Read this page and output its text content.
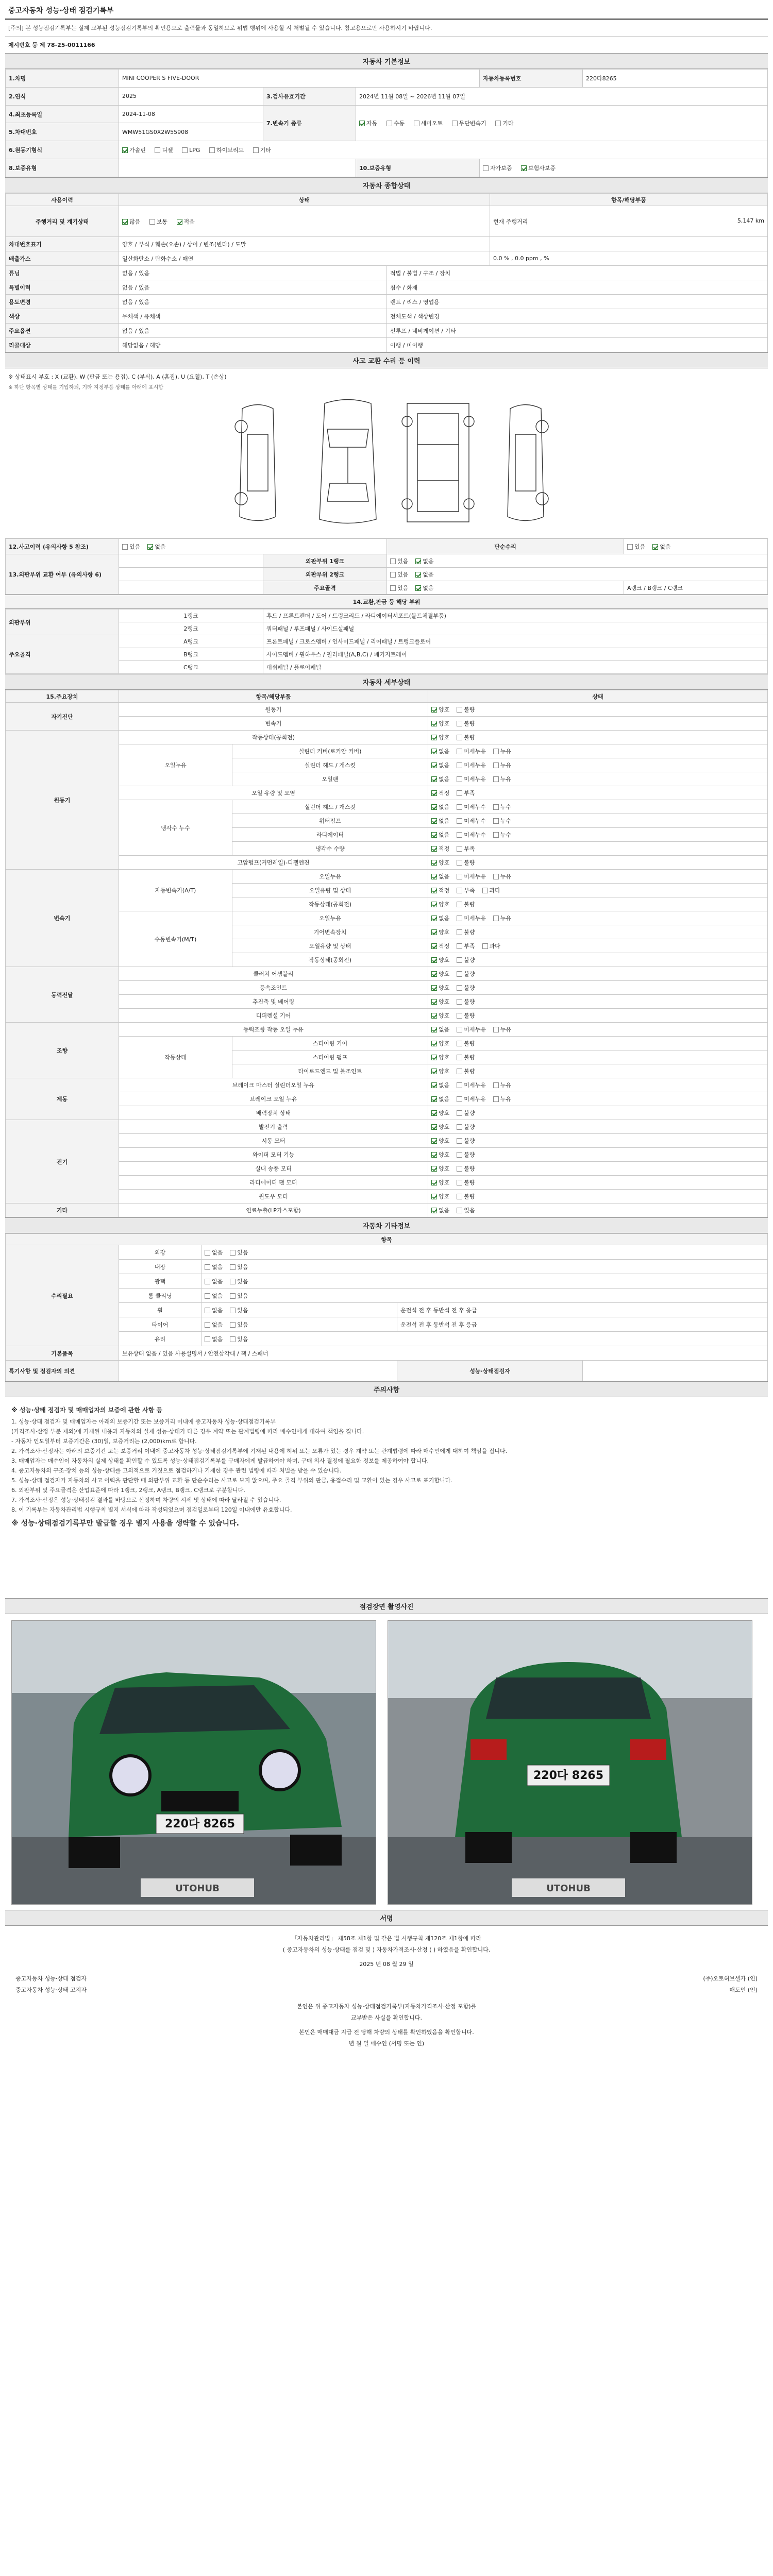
중고자동차 성능·상태 점검기록부
[주의] 본 성능점검기록부는 실제 교부된 성능점검기록부의 확인용으로 출력물과 동일하므로 위법 행위에 사용할 시 처벌될 수 있습니다. 참고용으로만 사용하시기 바랍니다.
제시번호 등 제 78-25-0011166
자동차 기본정보
1.차명	MINI COOPER S FIVE-DOOR			자동차등록번호	220다8265
2.연식	2025	3.검사유효기간	2024년 11월 08일 ~ 2026년 11월 07일		
4.최초등록일	2024-11-08	7.변속기 종류	자동 수동 세미오토 무단변속기 기타		
5.차대번호	WMW51GS0X2W55908				
6.원동기형식	가솔린 디젤 LPG 하이브리드 기타				
8.보증유형			10.보증유형	자가보증 보험사보증	
자동차 종합상태
사용이력	상태		항목/해당부품
주행거리 및 계기상태	많음 보통 적음		현재 주행거리 5,147 km

차대번호표기	양호 / 부식 / 훼손(오손) / 상이 / 변조(변타) / 도말		
배출가스	일산화탄소 / 탄화수소 / 매연		0.0 % , 0.0 ppm , %
튜닝	없음 / 있음	적법 / 불법 / 구조 / 장치	
특별이력	없음 / 있음	침수 / 화재	
용도변경	없음 / 있음	렌트 / 리스 / 영업용	
색상	무채색 / 유채색	전체도색 / 색상변경	
주요옵션	없음 / 있음	선루프 / 네비게이션 / 기타	
리콜대상	해당없음 / 해당	이행 / 미이행	
사고 교환 수리 등 이력
※ 상태표시 부호 : X (교환), W (판금 또는 용접), C (부식), A (흠집), U (요철), T (손상)
※ 하단 항목별 상태를 기입하되, 기타 지정부품 상태를 아래에 표시함
12.사고이력 (유의사항 5 참조)	있음 없음		단순수리	있음 없음
13.외판부위 교환 여부 (유의사항 6)		외판부위 1랭크	있음 없음	
		외판부위 2랭크	있음 없음	
		주요골격	있음 없음	A랭크 / B랭크 / C랭크
14.교환,판금 등 해당 부위
외판부위	1랭크	후드 / 프론트펜더 / 도어 / 트렁크리드 / 라디에이터서포트(볼트체결부품)
	2랭크	쿼터패널 / 루프패널 / 사이드실패널
주요골격	A랭크	프론트패널 / 크로스멤버 / 인사이드패널 / 리어패널 / 트렁크플로어
	B랭크	사이드멤버 / 휠하우스 / 필러패널(A,B,C) / 패키지트레이
	C랭크	대쉬패널 / 플로어패널
자동차 세부상태
15.주요장치	항목/해당부품		상태
자기진단	원동기		양호 불량
	변속기		양호 불량
원동기	작동상태(공회전)		양호 불량
	오일누유	실린더 커버(로커암 커버)	없음 미세누유 누유
		실린더 헤드 / 개스킷	없음 미세누유 누유
		오일팬	없음 미세누유 누유
	오일 유량 및 오염		적정 부족
	냉각수 누수	실린더 헤드 / 개스킷	없음 미세누수 누수
		워터펌프	없음 미세누수 누수
		라디에이터	없음 미세누수 누수
		냉각수 수량	적정 부족
	고압펌프(커먼레일)-디젤엔진		양호 불량
변속기	자동변속기(A/T)	오일누유	없음 미세누유 누유
		오일유량 및 상태	적정 부족 과다
		작동상태(공회전)	양호 불량
	수동변속기(M/T)	오일누유	없음 미세누유 누유
		기어변속장치	양호 불량
		오일유량 및 상태	적정 부족 과다
		작동상태(공회전)	양호 불량
동력전달	클러치 어셈블리		양호 불량
	등속조인트		양호 불량
	추진축 및 베어링		양호 불량
	디퍼렌셜 기어		양호 불량
조향	동력조향 작동 오일 누유		없음 미세누유 누유
	작동상태	스티어링 기어	양호 불량
		스티어링 펌프	양호 불량
		타이로드엔드 및 볼조인트	양호 불량
제동	브레이크 마스터 실린더오일 누유		없음 미세누유 누유
	브레이크 오일 누유		없음 미세누유 누유
	배력장치 상태		양호 불량
전기	발전기 출력		양호 불량
	시동 모터		양호 불량
	와이퍼 모터 기능		양호 불량
	실내 송풍 모터		양호 불량
	라디에이터 팬 모터		양호 불량
	윈도우 모터		양호 불량
기타	연료누출(LP가스포함)		없음 있음
자동차 기타정보
항목				
수리필요	외장	없음 있음		
	내장	없음 있음		
	광택	없음 있음		
	룸 클리닝	없음 있음		
	휠	없음 있음	운전석 전 후 동반석 전 후 응급	
	타이어	없음 있음	운전석 전 후 동반석 전 후 응급	
	유리	없음 있음		
기본품목	보유상태 없음 / 있음 사용설명서 / 안전삼각대 / 잭 / 스패너			
특기사항 및 점검자의 의견			성능·상태점검자	
주의사항
※ 성능·상태 점검자 및 매매업자의 보증에 관한 사항 등
1. 성능·상태 점검자 및 매매업자는 아래의 보증기간 또는 보증거리 이내에 중고자동차 성능·상태점검기록부
(가격조사·산정 부분 제외)에 기재된 내용과 자동차의 실제 성능·상태가 다른 경우 계약 또는 관계법령에 따라 매수인에게 대하여 책임을 집니다.
- 자동차 인도일부터 보증기간은 (30)일, 보증거리는 (2,000)km로 합니다.
2. 가격조사·산정자는 아래의 보증기간 또는 보증거리 이내에 중고자동차 성능·상태점검기록부에 기재된 내용에 허위 또는 오류가 있는 경우 계약 또는 관계법령에 따라 매수인에게 대하여 책임을 집니다.
3. 매매업자는 매수인이 자동차의 실제 상태를 확인할 수 있도록 성능·상태점검기록부를 구매자에게 발급하여야 하며, 구매 의사 결정에 필요한 정보를 제공하여야 합니다.
4. 중고자동차의 구조·장치 등의 성능·상태를 고의적으로 거짓으로 점검하거나 기재한 경우 관련 법령에 따라 처벌을 받을 수 있습니다.
5. 성능·상태 점검자가 자동차의 사고 이력을 판단할 때 외판부위 교환 등 단순수리는 사고로 보지 않으며, 주요 골격 부위의 판금, 용접수리 및 교환이 있는 경우 사고로 표기합니다.
6. 외판부위 및 주요골격은 산업표준에 따라 1랭크, 2랭크, A랭크, B랭크, C랭크로 구분합니다.
7. 가격조사·산정은 성능·상태점검 결과를 바탕으로 산정하며 차량의 시세 및 상태에 따라 달라질 수 있습니다.
8. 이 기록부는 자동차관리법 시행규칙 별지 서식에 따라 작성되었으며 점검일로부터 120일 이내에만 유효합니다.
※ 성능·상태점검기록부만 발급할 경우 별지 사용을 생략할 수 있습니다.
점검장면 촬영사진
220다 8265
UTOHUB
220다 8265
UTOHUB
서명
「자동차관리법」 제58조 제1항 및 같은 법 시행규칙 제120조 제1항에 따라
( 중고자동차의 성능·상태를 점검 및 ) 자동차가격조사·산정 ( ) 하였음을 확인합니다.
2025 년 08 월 29 일
중고자동차 성능·상태 점검자	(주)오토허브셀카 (인)
중고자동차 성능·상태 고지자	매도인 (인)
본인은 위 중고자동차 성능·상태점검기록부(자동차가격조사·산정 포함)를
교부받은 사실을 확인합니다.
본인은 매매대금 지급 전 당해 차량의 상태를 확인하였음을 확인합니다.
년 월 일 매수인 (서명 또는 인)
